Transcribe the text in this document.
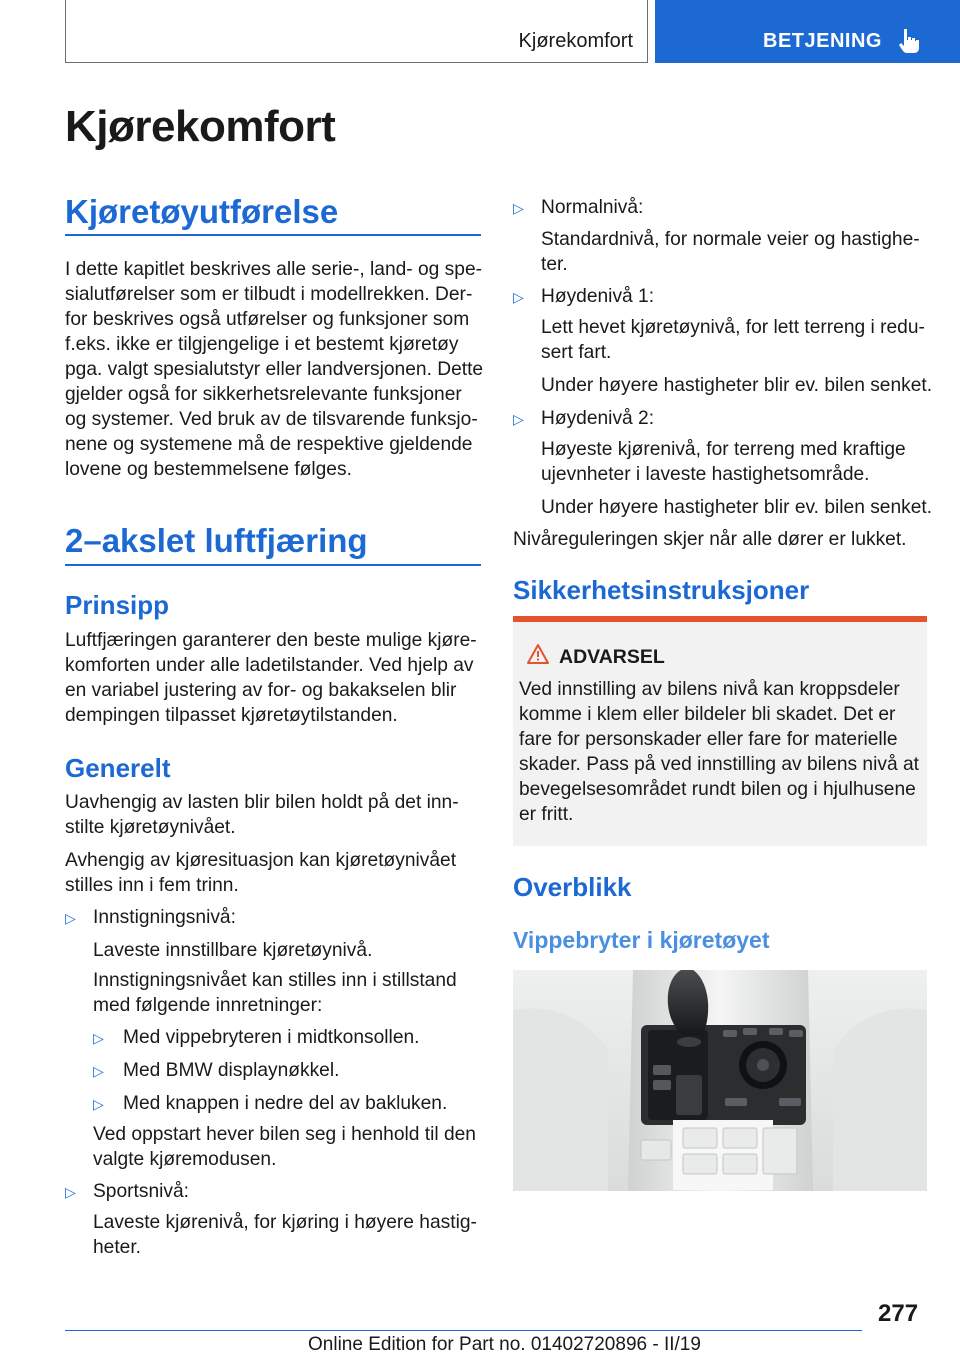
Kjørekomfort	BETJENING
Kjørekomfort
Kjøretøyutførelse
I dette kapitlet beskrives alle serie-, land- og spe-
sialutførelser som er tilbudt i modellrekken. Der-
for beskrives også utførelser og funksjoner som
f.eks. ikke er tilgjengelige i et bestemt kjøretøy
pga. valgt spesialutstyr eller landversjonen. Dette
gjelder også for sikkerhetsrelevante funksjoner
og systemer. Ved bruk av de tilsvarende funksjo-
nene og systemene må de respektive gjeldende
lovene og bestemmelsene følges.
2–akslet luftfjæring
Prinsipp
Luftfjæringen garanterer den beste mulige kjøre-
komforten under alle ladetilstander. Ved hjelp av
en variabel justering av for- og bakakselen blir
dempingen tilpasset kjøretøytilstanden.
Generelt
Uavhengig av lasten blir bilen holdt på det inn-
stilte kjøretøynivået.
Avhengig av kjøresituasjon kan kjøretøynivået
stilles inn i fem trinn.
▷ Innstigningsnivå:
Laveste innstillbare kjøretøynivå.
Innstigningsnivået kan stilles inn i stillstand
med følgende innretninger:
▷ Med vippebryteren i midtkonsollen.
▷ Med BMW displaynøkkel.
▷ Med knappen i nedre del av bakluken.
Ved oppstart hever bilen seg i henhold til den
valgte kjøremodusen.
▷ Sportsnivå:
Laveste kjørenivå, for kjøring i høyere hastig-
heter.
▷ Normalnivå:
Standardnivå, for normale veier og hastighe-
ter.
▷ Høydenivå 1:
Lett hevet kjøretøynivå, for lett terreng i redu-
sert fart.
Under høyere hastigheter blir ev. bilen senket.
▷ Høydenivå 2:
Høyeste kjørenivå, for terreng med kraftige
ujevnheter i laveste hastighetsområde.
Under høyere hastigheter blir ev. bilen senket.
Nivåreguleringen skjer når alle dører er lukket.
Sikkerhetsinstruksjoner
ADVARSEL
Ved innstilling av bilens nivå kan kroppsdeler
komme i klem eller bildeler bli skadet. Det er
fare for personskader eller fare for materielle
skader. Pass på ved innstilling av bilens nivå at
bevegelsesområdet rundt bilen og i hjulhusene
er fritt.
Overblikk
Vippebryter i kjøretøyet
277
Online Edition for Part no. 01402720896 - II/19
